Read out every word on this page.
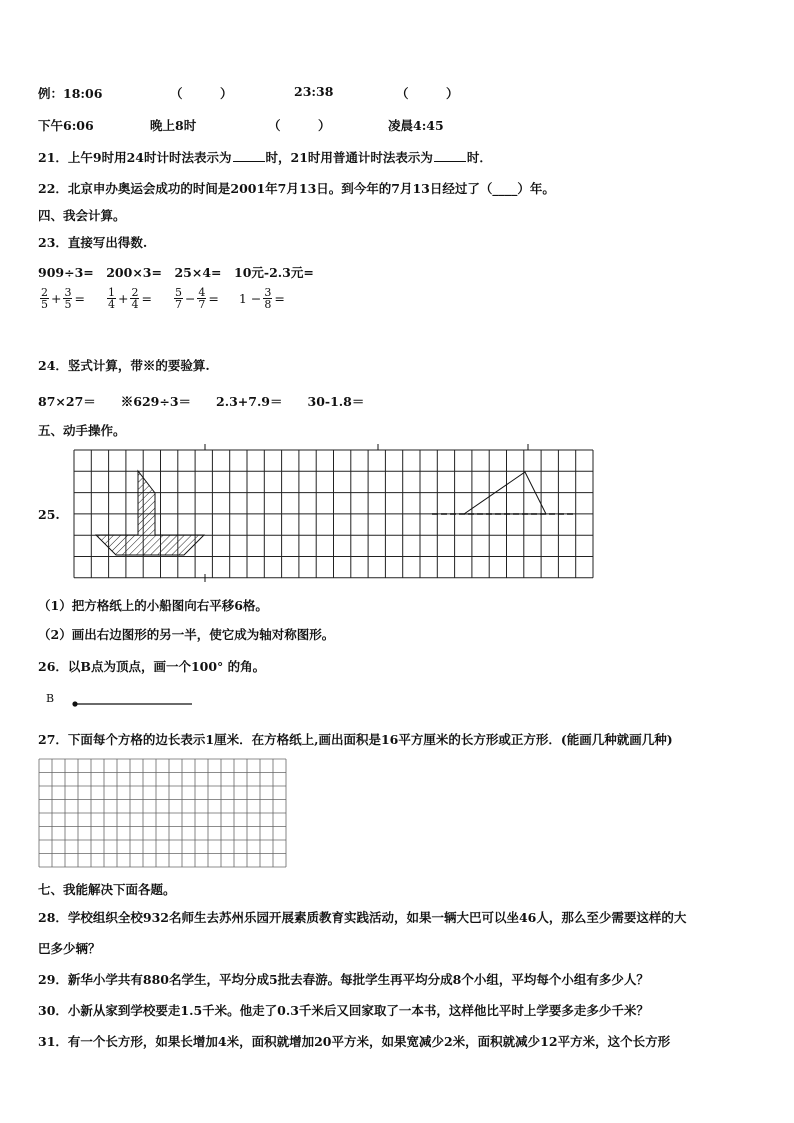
例：18:06	（　　　）	23:38	（　　　）
下午6:06	晚上8时	（　　　）	凌晨4:45
21．上午9时用24时计时法表示为	时，21时用普通计时法表示为	时．
22．北京申办奥运会成功的时间是2001年7月13日。到今年的7月13日经过了（____）年。
四、我会计算。
23．直接写出得数.
909÷3=　200×3=　25×4=　10元-2.3元=
$\frac{2}{5} + \frac{3}{5} = \frac{1}{4} + \frac{2}{4} = \frac{5}{7} - \frac{4}{7} = 1 - \frac{3}{8}$ =
24．竖式计算，带※的要验算.
87×27＝　　※629÷3＝　　2.3+7.9＝　　30-1.8＝
五、动手操作。
25.
（1）把方格纸上的小船图向右平移6格。
（2）画出右边图形的另一半，使它成为轴对称图形。
26．以B点为顶点，画一个100° 的角。
B
27．下面每个方格的边长表示1厘米．在方格纸上,画出面积是16平方厘米的长方形或正方形．(能画几种就画几种)
七、我能解决下面各题。
28．学校组织全校932名师生去苏州乐园开展素质教育实践活动，如果一辆大巴可以坐46人，那么至少需要这样的大
巴多少辆？
29．新华小学共有880名学生，平均分成5批去春游。每批学生再平均分成8个小组，平均每个小组有多少人？
30．小新从家到学校要走1.5千米。他走了0.3千米后又回家取了一本书，这样他比平时上学要多走多少千米？
31．有一个长方形，如果长增加4米，面积就增加20平方米，如果宽减少2米，面积就减少12平方米，这个长方形
